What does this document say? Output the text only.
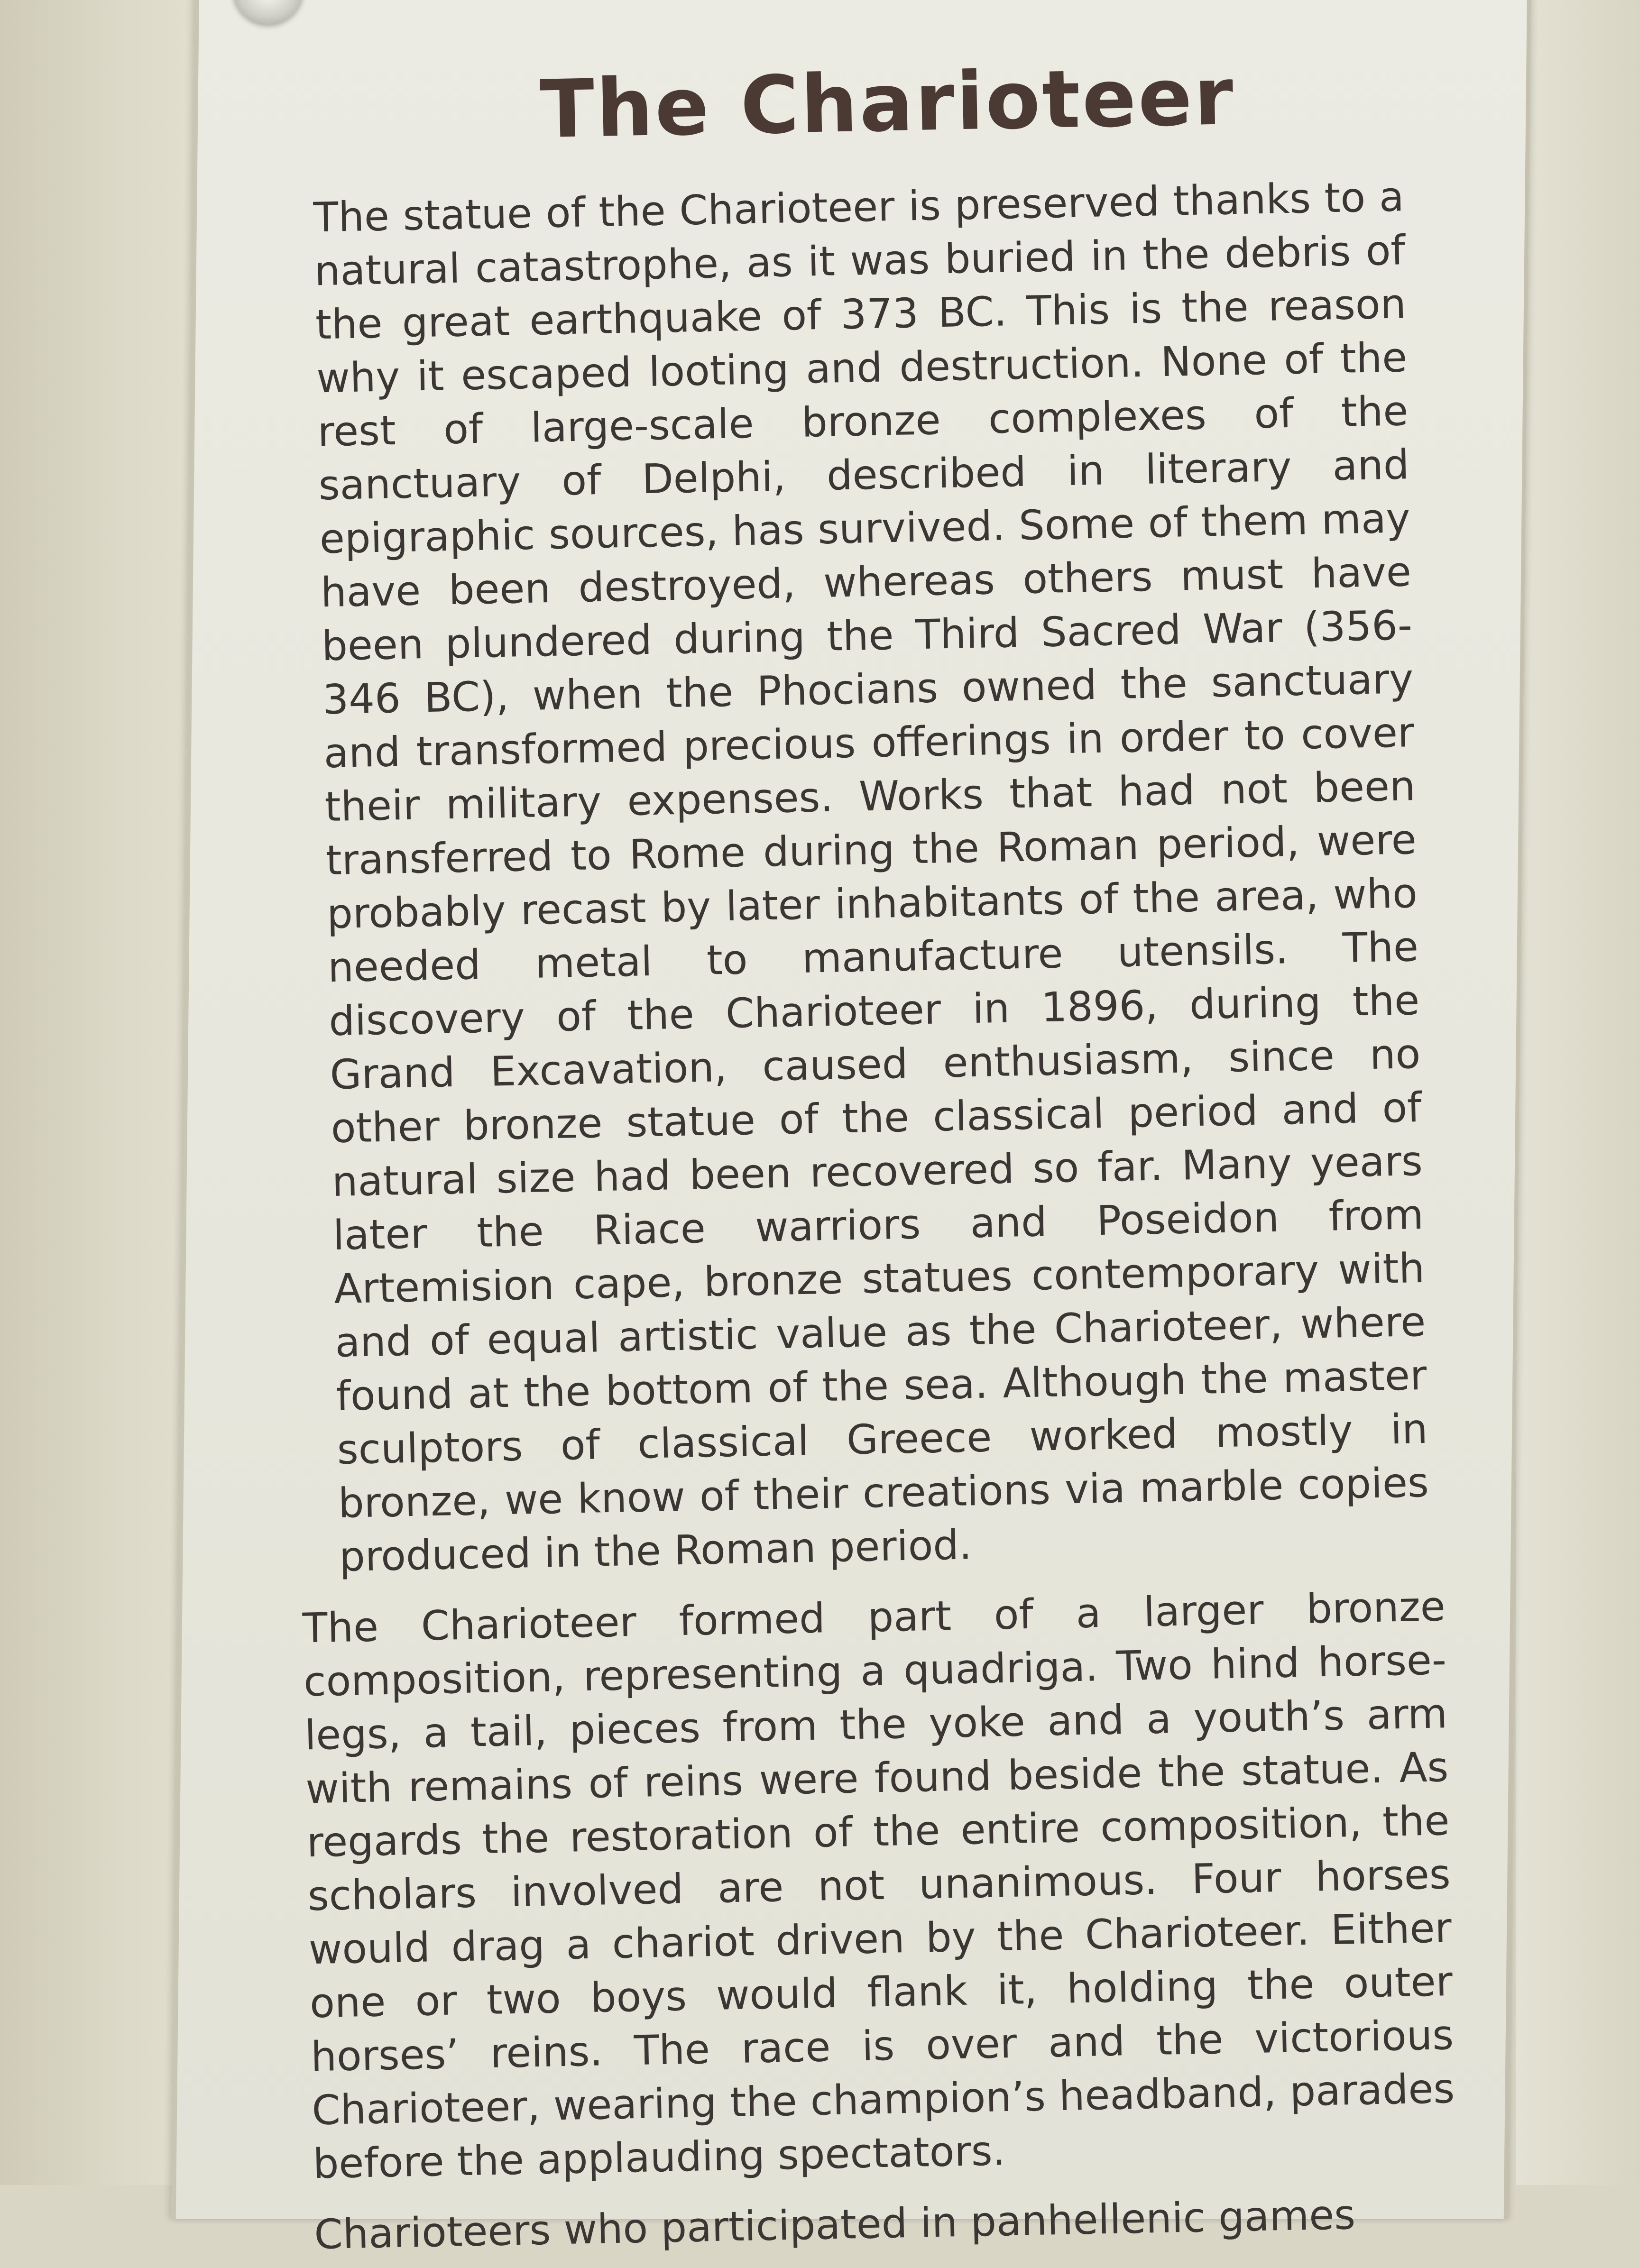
The Charioteer

The statue of the Charioteer is preserved thanks to a natural catastrophe, as it was buried in the debris of the great earthquake of 373 BC. This is the reason why it escaped looting and destruction. None of the rest of large-scale bronze complexes of the sanctuary of Delphi, described in literary and epigraphic sources, has survived. Some of them may have been destroyed, whereas others must have been plundered during the Third Sacred War (356-346 BC), when the Phocians owned the sanctuary and transformed precious offerings in order to cover their military expenses. Works that had not been transferred to Rome during the Roman period, were probably recast by later inhabitants of the area, who needed metal to manufacture utensils. The discovery of the Charioteer in 1896, during the Grand Excavation, caused enthusiasm, since no other bronze statue of the classical period and of natural size had been recovered so far. Many years later the Riace warriors and Poseidon from Artemision cape, bronze statues contemporary with and of equal artistic value as the Charioteer, where found at the bottom of the sea. Although the master sculptors of classical Greece worked mostly in bronze, we know of their creations via marble copies produced in the Roman period.

The Charioteer formed part of a larger bronze composition, representing a quadriga. Two hind horse-legs, a tail, pieces from the yoke and a youth’s arm with remains of reins were found beside the statue. As regards the restoration of the entire composition, the scholars involved are not unanimous. Four horses would drag a chariot driven by the Charioteer. Either one or two boys would flank it, holding the outer horses’ reins. The race is over and the victorious Charioteer, wearing the champion’s headband, parades before the applauding spectators.

Charioteers who participated in panhellenic games
